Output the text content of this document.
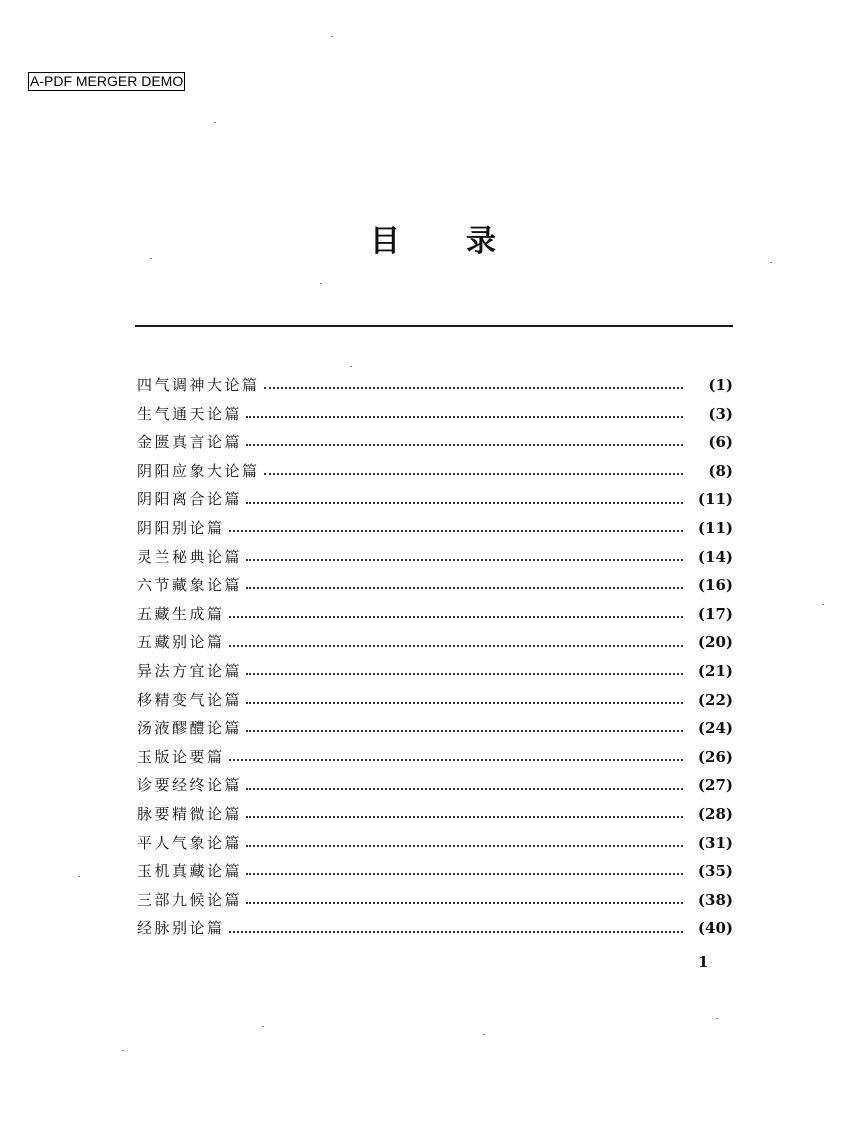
A-PDF MERGER DEMO
目 录
四气调神大论篇	(1)
生气通天论篇	(3)
金匮真言论篇	(6)
阴阳应象大论篇	(8)
阴阳离合论篇	(11)
阴阳别论篇	(11)
灵兰秘典论篇	(14)
六节藏象论篇	(16)
五藏生成篇	(17)
五藏别论篇	(20)
异法方宜论篇	(21)
移精变气论篇	(22)
汤液醪醴论篇	(24)
玉版论要篇	(26)
诊要经终论篇	(27)
脉要精微论篇	(28)
平人气象论篇	(31)
玉机真藏论篇	(35)
三部九候论篇	(38)
经脉别论篇	(40)
1
